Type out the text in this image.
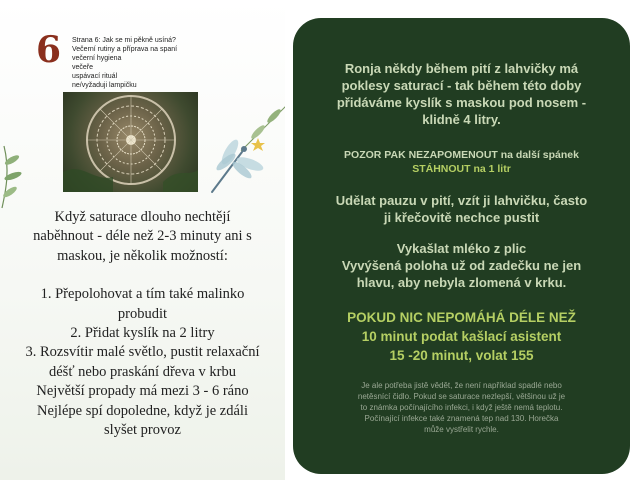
6 Strana 6: Jak se mi pěkně usíná?
Večerní rutiny a příprava na spaní
večerní hygiena
večeře
uspávací rituál
ne/vyžaduji lampičku
Když saturace dlouho nechtějí
naběhnout - déle než 2-3 minuty ani s
maskou, je několik možností:
1. Přepolohovat a tím také malinko
probudit
2. Přidat kyslík na 2 litry
3. Rozsvítir malé světlo, pustit relaxační
déšť nebo praskání dřeva v krbu
Největší propady má mezi 3 - 6 ráno
Nejlépe spí dopoledne, když je zdáli
slyšet provoz
Ronja někdy během pití z lahvičky má
poklesy saturací - tak během této doby
přidáváme kyslík s maskou pod nosem -
klidně 4 litry.
POZOR PAK NEZAPOMENOUT na další spánek
STÁHNOUT na 1 litr
Udělat pauzu v pití, vzít ji lahvičku, často
ji křečovitě nechce pustit
Vykašlat mléko z plic
Vyvýšená poloha už od zadečku ne jen
hlavu, aby nebyla zlomená v krku.
POKUD NIC NEPOMÁHÁ DÉLE NEŽ
10 minut podat kašlací asistent
15 -20 minut, volat 155
Je ale potřeba jistě vědět, že není například spadlé nebo
netěsnící čidlo. Pokud se saturace nezlepší, většinou už je
to známka počínajícího infekci, i když ještě nemá teplotu.
Počínající infekce také znamená tep nad 130. Horečka
může vystřelit rychle.
